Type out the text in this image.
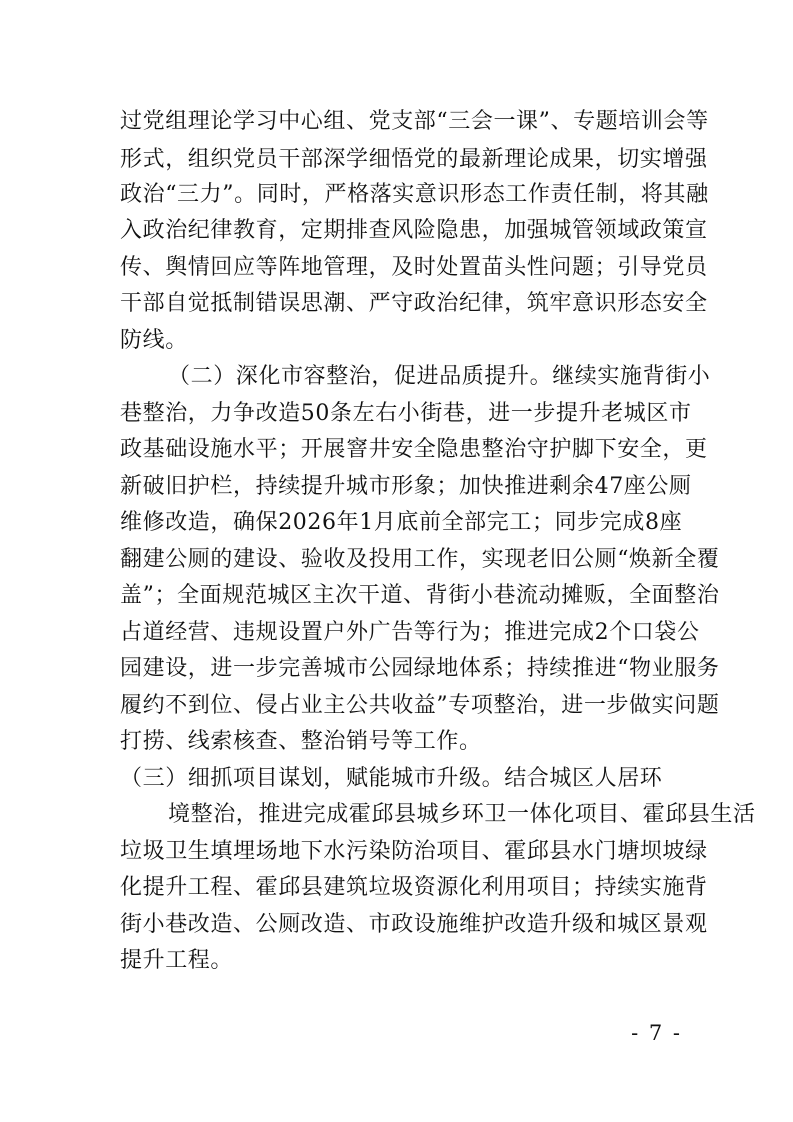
过党组理论学习中心组、党支部“三会一课”、专题培训会等
形式，组织党员干部深学细悟党的最新理论成果，切实增强
政治“三力”。同时，严格落实意识形态工作责任制，将其融
入政治纪律教育，定期排查风险隐患，加强城管领域政策宣
传、舆情回应等阵地管理，及时处置苗头性问题；引导党员
干部自觉抵制错误思潮、严守政治纪律，筑牢意识形态安全
防线。
（二）深化市容整治，促进品质提升。继续实施背街小
巷整治，力争改造50条左右小街巷，进一步提升老城区市
政基础设施水平；开展窨井安全隐患整治守护脚下安全，更
新破旧护栏，持续提升城市形象；加快推进剩余47座公厕
维修改造，确保2026年1月底前全部完工；同步完成8座
翻建公厕的建设、验收及投用工作，实现老旧公厕“焕新全覆
盖”；全面规范城区主次干道、背街小巷流动摊贩，全面整治
占道经营、违规设置户外广告等行为；推进完成2个口袋公
园建设，进一步完善城市公园绿地体系；持续推进“物业服务
履约不到位、侵占业主公共收益”专项整治，进一步做实问题
打捞、线索核查、整治销号等工作。
（三）细抓项目谋划，赋能城市升级。结合城区人居环
境整治，推进完成霍邱县城乡环卫一体化项目、霍邱县生活
垃圾卫生填埋场地下水污染防治项目、霍邱县水门塘坝坡绿
化提升工程、霍邱县建筑垃圾资源化利用项目；持续实施背
街小巷改造、公厕改造、市政设施维护改造升级和城区景观
提升工程。
- 7 -
